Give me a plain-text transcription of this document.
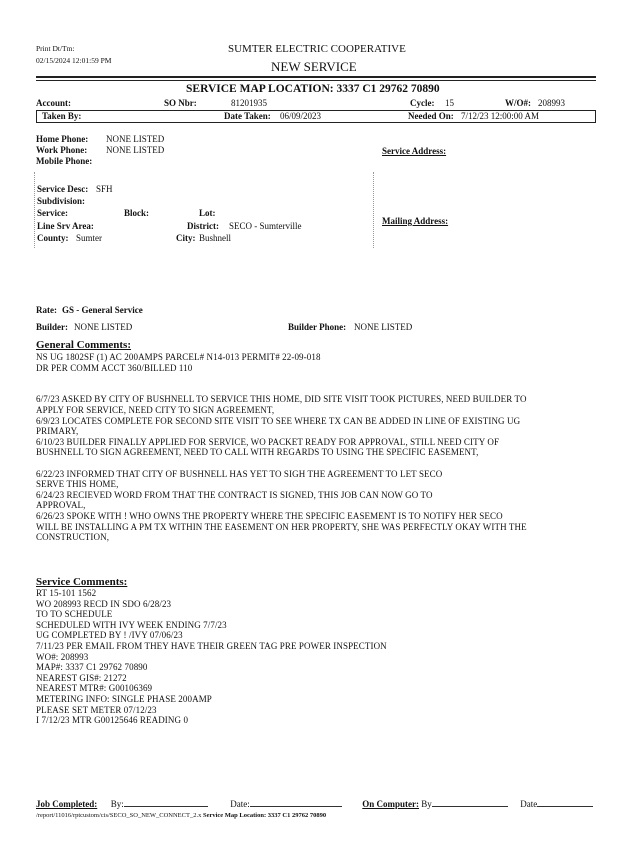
Print Dt/Tm:
02/15/2024 12:01:59 PM
SUMTER ELECTRIC COOPERATIVE
NEW SERVICE
SERVICE MAP LOCATION: 3337 C1 29762 70890
Account:	SO Nbr:	81201935	Cycle: 15	W/O#: 208993
Taken By:	Date Taken: 06/09/2023	Needed On: 7/12/23 12:00:00 AM
Home Phone: NONE LISTED
Work Phone: NONE LISTED
Mobile Phone:
Service Address:
Mailing Address:
Service Desc: SFH
Subdivision:
Service:	Block:	Lot:
Line Srv Area:	District: SECO - Sumterville
County: Sumter	City: Bushnell
Rate: GS - General Service
Builder: NONE LISTED	Builder Phone: NONE LISTED
General Comments:
NS UG 1802SF (1) AC 200AMPS PARCEL# N14-013 PERMIT# 22-09-018
DR PER COMM ACCT 360/BILLED 110
6/7/23 ASKED BY CITY OF BUSHNELL TO SERVICE THIS HOME, DID SITE VISIT TOOK PICTURES, NEED BUILDER TO
APPLY FOR SERVICE, NEED CITY TO SIGN AGREEMENT,
6/9/23 LOCATES COMPLETE FOR SECOND SITE VISIT TO SEE WHERE TX CAN BE ADDED IN LINE OF EXISTING UG
PRIMARY,
6/10/23 BUILDER FINALLY APPLIED FOR SERVICE, WO PACKET READY FOR APPROVAL, STILL NEED CITY OF
BUSHNELL TO SIGN AGREEMENT, NEED TO CALL WITH REGARDS TO USING THE SPECIFIC EASEMENT,
6/22/23 INFORMED THAT CITY OF BUSHNELL HAS YET TO SIGH THE AGREEMENT TO LET SECO
SERVE THIS HOME,
6/24/23 RECIEVED WORD FROM THAT THE CONTRACT IS SIGNED, THIS JOB CAN NOW GO TO
APPROVAL,
6/26/23 SPOKE WITH ! WHO OWNS THE PROPERTY WHERE THE SPECIFIC EASEMENT IS TO NOTIFY HER SECO
WILL BE INSTALLING A PM TX WITHIN THE EASEMENT ON HER PROPERTY, SHE WAS PERFECTLY OKAY WITH THE
CONSTRUCTION,
Service Comments:
RT 15-101 1562
WO 208993 RECD IN SDO 6/28/23
TO TO SCHEDULE
SCHEDULED WITH IVY WEEK ENDING 7/7/23
UG COMPLETED BY ! /IVY 07/06/23
7/11/23 PER EMAIL FROM THEY HAVE THEIR GREEN TAG PRE POWER INSPECTION
WO#: 208993
MAP#: 3337 C1 29762 70890
NEAREST GIS#: 21272
NEAREST MTR#: G00106369
METERING INFO: SINGLE PHASE 200AMP
PLEASE SET METER 07/12/23
I 7/12/23 MTR G00125646 READING 0
Job Completed: By:	Date:	On Computer: By	Date
/report/11016/rptcustom/cis/SECO_SO_NEW_CONNECT_2.x Service Map Location: 3337 C1 29762 70890
